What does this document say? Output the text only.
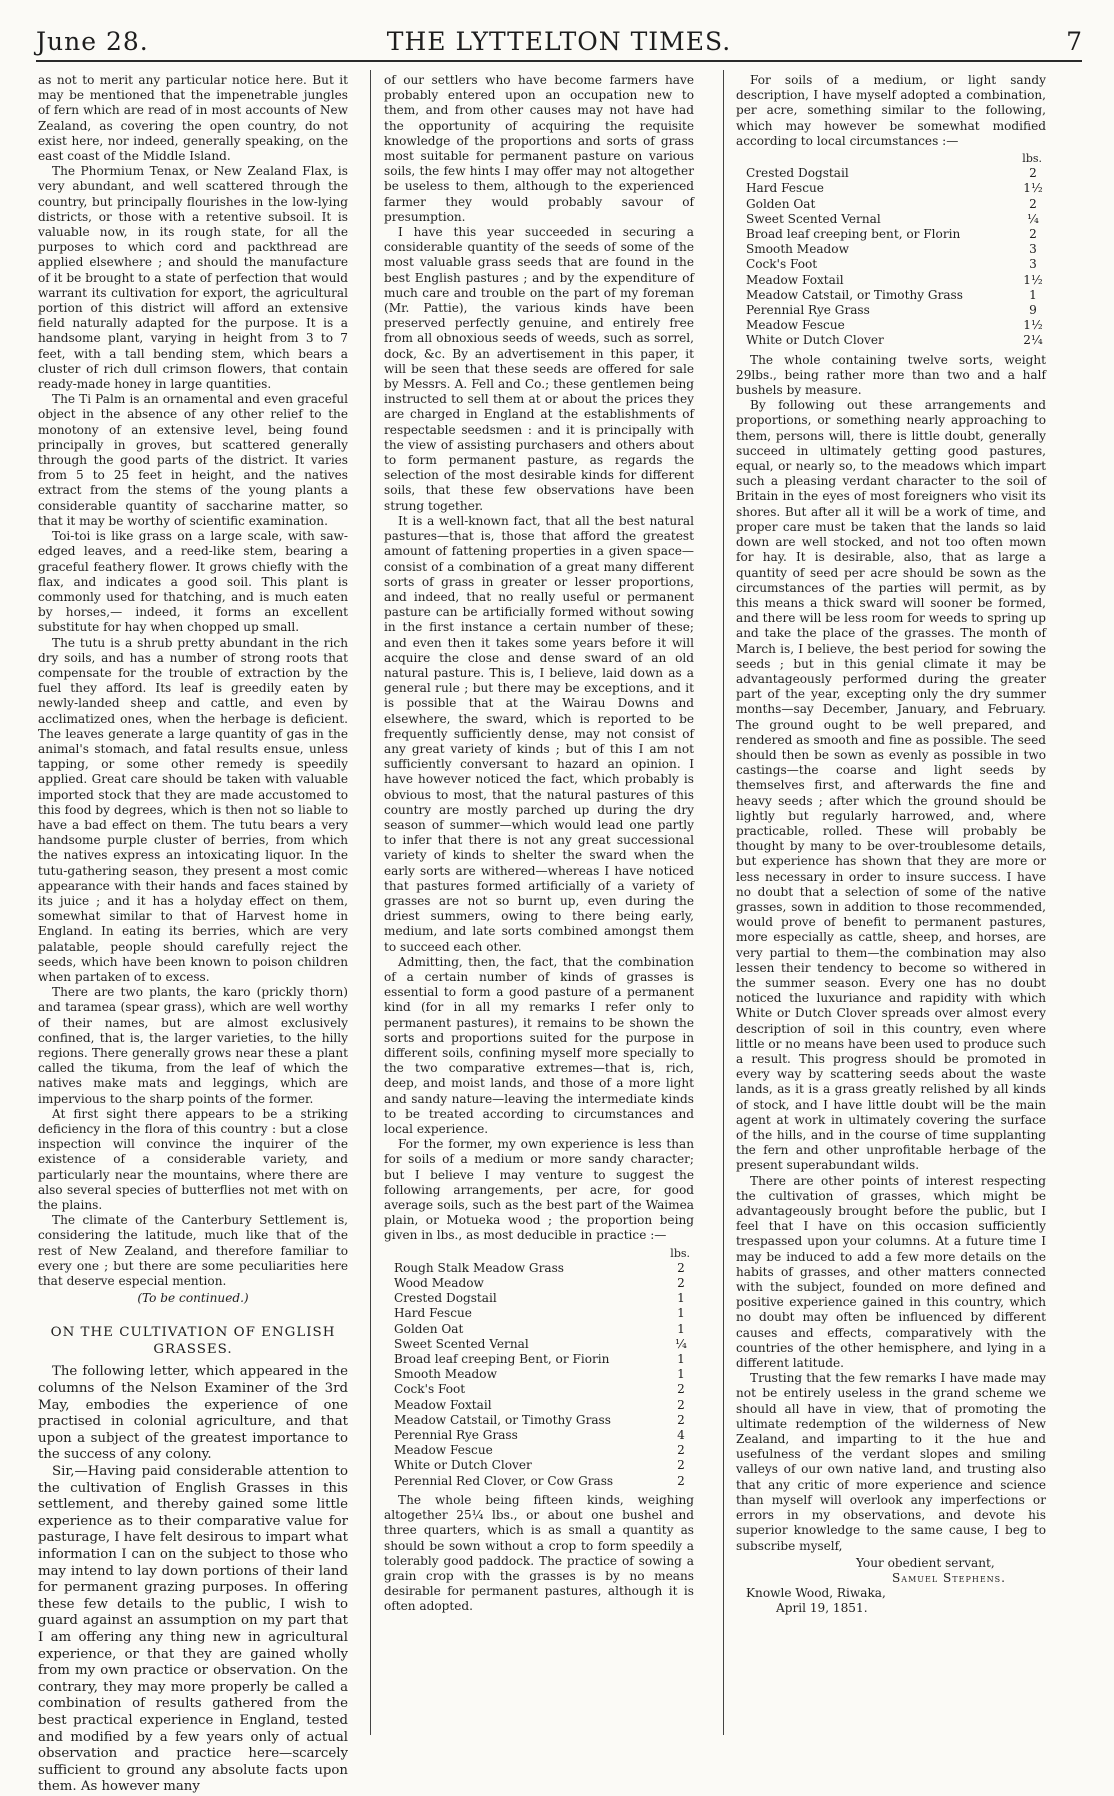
June 28.	THE LYTTELTON TIMES.	7

as not to merit any particular notice here. But it may be mentioned that the impenetrable jungles of fern which are read of in most accounts of New Zealand, as covering the open country, do not exist here, nor indeed, generally speaking, on the east coast of the Middle Island.

The Phormium Tenax, or New Zealand Flax, is very abundant, and well scattered through the country, but principally flourishes in the low-lying districts, or those with a retentive subsoil. It is valuable now, in its rough state, for all the purposes to which cord and packthread are applied elsewhere ; and should the manufacture of it be brought to a state of perfection that would warrant its cultivation for export, the agricultural portion of this district will afford an extensive field naturally adapted for the purpose. It is a handsome plant, varying in height from 3 to 7 feet, with a tall bending stem, which bears a cluster of rich dull crimson flowers, that contain ready-made honey in large quantities.

The Ti Palm is an ornamental and even graceful object in the absence of any other relief to the monotony of an extensive level, being found principally in groves, but scattered generally through the good parts of the district. It varies from 5 to 25 feet in height, and the natives extract from the stems of the young plants a considerable quantity of saccharine matter, so that it may be worthy of scientific examination.

Toi-toi is like grass on a large scale, with saw-edged leaves, and a reed-like stem, bearing a graceful feathery flower. It grows chiefly with the flax, and indicates a good soil. This plant is commonly used for thatching, and is much eaten by horses,— indeed, it forms an excellent substitute for hay when chopped up small.

The tutu is a shrub pretty abundant in the rich dry soils, and has a number of strong roots that compensate for the trouble of extraction by the fuel they afford. Its leaf is greedily eaten by newly-landed sheep and cattle, and even by acclimatized ones, when the herbage is deficient. The leaves generate a large quantity of gas in the animal's stomach, and fatal results ensue, unless tapping, or some other remedy is speedily applied. Great care should be taken with valuable imported stock that they are made accustomed to this food by degrees, which is then not so liable to have a bad effect on them. The tutu bears a very handsome purple cluster of berries, from which the natives express an intoxicating liquor. In the tutu-gathering season, they present a most comic appearance with their hands and faces stained by its juice ; and it has a holyday effect on them, somewhat similar to that of Harvest home in England. In eating its berries, which are very palatable, people should carefully reject the seeds, which have been known to poison children when partaken of to excess.

There are two plants, the karo (prickly thorn) and taramea (spear grass), which are well worthy of their names, but are almost exclusively confined, that is, the larger varieties, to the hilly regions. There generally grows near these a plant called the tikuma, from the leaf of which the natives make mats and leggings, which are impervious to the sharp points of the former.

At first sight there appears to be a striking deficiency in the flora of this country : but a close inspection will convince the inquirer of the existence of a considerable variety, and particularly near the mountains, where there are also several species of butterflies not met with on the plains.

The climate of the Canterbury Settlement is, considering the latitude, much like that of the rest of New Zealand, and therefore familiar to every one ; but there are some peculiarities here that deserve especial mention.

(To be continued.)
ON THE CULTIVATION OF ENGLISH GRASSES.

The following letter, which appeared in the columns of the Nelson Examiner of the 3rd May, embodies the experience of one practised in colonial agriculture, and that upon a subject of the greatest importance to the success of any colony.

Sir,—Having paid considerable attention to the cultivation of English Grasses in this settlement, and thereby gained some little experience as to their comparative value for pasturage, I have felt desirous to impart what information I can on the subject to those who may intend to lay down portions of their land for permanent grazing purposes. In offering these few details to the public, I wish to guard against an assumption on my part that I am offering any thing new in agricultural experience, or that they are gained wholly from my own practice or observation. On the contrary, they may more properly be called a combination of results gathered from the best practical experience in England, tested and modified by a few years only of actual observation and practice here—scarcely sufficient to ground any absolute facts upon them. As however many

of our settlers who have become farmers have probably entered upon an occupation new to them, and from other causes may not have had the opportunity of acquiring the requisite knowledge of the proportions and sorts of grass most suitable for permanent pasture on various soils, the few hints I may offer may not altogether be useless to them, although to the experienced farmer they would probably savour of presumption.

I have this year succeeded in securing a considerable quantity of the seeds of some of the most valuable grass seeds that are found in the best English pastures ; and by the expenditure of much care and trouble on the part of my foreman (Mr. Pattie), the various kinds have been preserved perfectly genuine, and entirely free from all obnoxious seeds of weeds, such as sorrel, dock, &c. By an advertisement in this paper, it will be seen that these seeds are offered for sale by Messrs. A. Fell and Co.; these gentlemen being instructed to sell them at or about the prices they are charged in England at the establishments of respectable seedsmen : and it is principally with the view of assisting purchasers and others about to form permanent pasture, as regards the selection of the most desirable kinds for different soils, that these few observations have been strung together.

It is a well-known fact, that all the best natural pastures—that is, those that afford the greatest amount of fattening properties in a given space—consist of a combination of a great many different sorts of grass in greater or lesser proportions, and indeed, that no really useful or permanent pasture can be artificially formed without sowing in the first instance a certain number of these; and even then it takes some years before it will acquire the close and dense sward of an old natural pasture. This is, I believe, laid down as a general rule ; but there may be exceptions, and it is possible that at the Wairau Downs and elsewhere, the sward, which is reported to be frequently sufficiently dense, may not consist of any great variety of kinds ; but of this I am not sufficiently conversant to hazard an opinion. I have however noticed the fact, which probably is obvious to most, that the natural pastures of this country are mostly parched up during the dry season of summer—which would lead one partly to infer that there is not any great successional variety of kinds to shelter the sward when the early sorts are withered—whereas I have noticed that pastures formed artificially of a variety of grasses are not so burnt up, even during the driest summers, owing to there being early, medium, and late sorts combined amongst them to succeed each other.

Admitting, then, the fact, that the combination of a certain number of kinds of grasses is essential to form a good pasture of a permanent kind (for in all my remarks I refer only to permanent pastures), it remains to be shown the sorts and proportions suited for the purpose in different soils, confining myself more specially to the two comparative extremes—that is, rich, deep, and moist lands, and those of a more light and sandy nature—leaving the intermediate kinds to be treated according to circumstances and local experience.

For the former, my own experience is less than for soils of a medium or more sandy character; but I believe I may venture to suggest the following arrangements, per acre, for good average soils, such as the best part of the Waimea plain, or Motueka wood ; the proportion being given in lbs., as most deducible in practice :—

lbs.
Rough Stalk Meadow Grass	2
Wood Meadow	2
Crested Dogstail	1
Hard Fescue	1
Golden Oat	1
Sweet Scented Vernal	¼
Broad leaf creeping Bent, or Fiorin	1
Smooth Meadow	1
Cock's Foot	2
Meadow Foxtail	2
Meadow Catstail, or Timothy Grass	2
Perennial Rye Grass	4
Meadow Fescue	2
White or Dutch Clover	2
Perennial Red Clover, or Cow Grass	2

The whole being fifteen kinds, weighing altogether 25¼ lbs., or about one bushel and three quarters, which is as small a quantity as should be sown without a crop to form speedily a tolerably good paddock. The practice of sowing a grain crop with the grasses is by no means desirable for permanent pastures, although it is often adopted.

For soils of a medium, or light sandy description, I have myself adopted a combination, per acre, something similar to the following, which may however be somewhat modified according to local circumstances :—

lbs.
Crested Dogstail	2
Hard Fescue	1½
Golden Oat	2
Sweet Scented Vernal	¼
Broad leaf creeping bent, or Florin	2
Smooth Meadow	3
Cock's Foot	3
Meadow Foxtail	1½
Meadow Catstail, or Timothy Grass	1
Perennial Rye Grass	9
Meadow Fescue	1½
White or Dutch Clover	2¼

The whole containing twelve sorts, weight 29lbs., being rather more than two and a half bushels by measure.

By following out these arrangements and proportions, or something nearly approaching to them, persons will, there is little doubt, generally succeed in ultimately getting good pastures, equal, or nearly so, to the meadows which impart such a pleasing verdant character to the soil of Britain in the eyes of most foreigners who visit its shores. But after all it will be a work of time, and proper care must be taken that the lands so laid down are well stocked, and not too often mown for hay. It is desirable, also, that as large a quantity of seed per acre should be sown as the circumstances of the parties will permit, as by this means a thick sward will sooner be formed, and there will be less room for weeds to spring up and take the place of the grasses. The month of March is, I believe, the best period for sowing the seeds ; but in this genial climate it may be advantageously performed during the greater part of the year, excepting only the dry summer months—say December, January, and February. The ground ought to be well prepared, and rendered as smooth and fine as possible. The seed should then be sown as evenly as possible in two castings—the coarse and light seeds by themselves first, and afterwards the fine and heavy seeds ; after which the ground should be lightly but regularly harrowed, and, where practicable, rolled. These will probably be thought by many to be over-troublesome details, but experience has shown that they are more or less necessary in order to insure success. I have no doubt that a selection of some of the native grasses, sown in addition to those recommended, would prove of benefit to permanent pastures, more especially as cattle, sheep, and horses, are very partial to them—the combination may also lessen their tendency to become so withered in the summer season. Every one has no doubt noticed the luxuriance and rapidity with which White or Dutch Clover spreads over almost every description of soil in this country, even where little or no means have been used to produce such a result. This progress should be promoted in every way by scattering seeds about the waste lands, as it is a grass greatly relished by all kinds of stock, and I have little doubt will be the main agent at work in ultimately covering the surface of the hills, and in the course of time supplanting the fern and other unprofitable herbage of the present superabundant wilds.

There are other points of interest respecting the cultivation of grasses, which might be advantageously brought before the public, but I feel that I have on this occasion sufficiently trespassed upon your columns. At a future time I may be induced to add a few more details on the habits of grasses, and other matters connected with the subject, founded on more defined and positive experience gained in this country, which no doubt may often be influenced by different causes and effects, comparatively with the countries of the other hemisphere, and lying in a different latitude.

Trusting that the few remarks I have made may not be entirely useless in the grand scheme we should all have in view, that of promoting the ultimate redemption of the wilderness of New Zealand, and imparting to it the hue and usefulness of the verdant slopes and smiling valleys of our own native land, and trusting also that any critic of more experience and science than myself will overlook any imperfections or errors in my observations, and devote his superior knowledge to the same cause, I beg to subscribe myself,

Your obedient servant,
Samuel Stephens.
Knowle Wood, Riwaka,
April 19, 1851.
